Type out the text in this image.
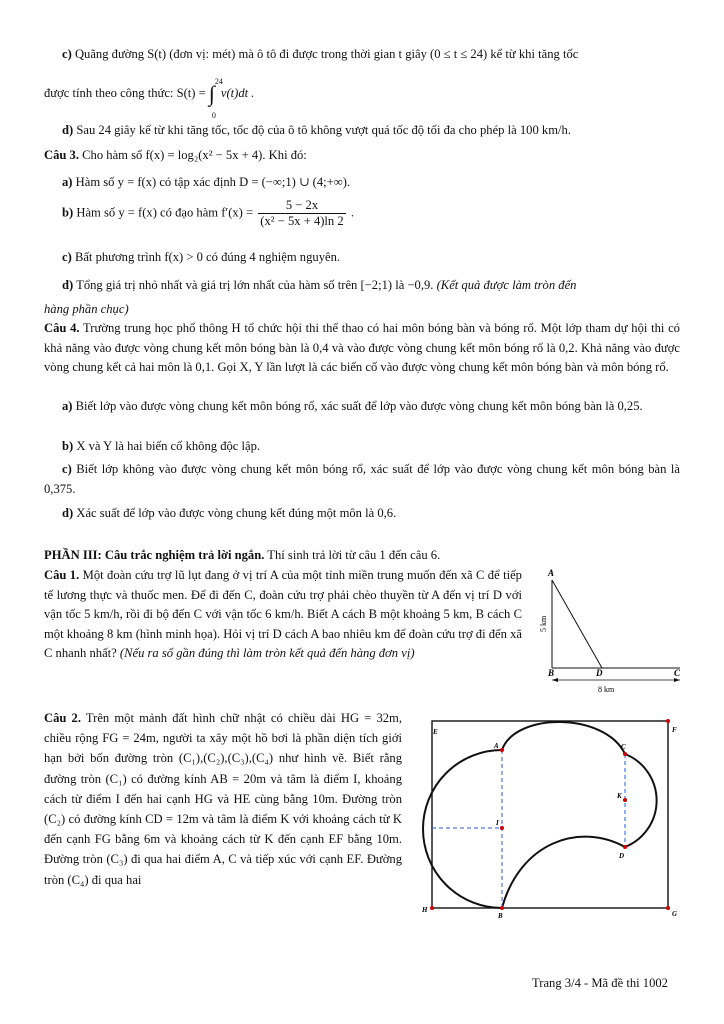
c) Quãng đường S(t) (đơn vị: mét) mà ô tô đi được trong thời gian t giây (0 ≤ t ≤ 24) kể từ khi tăng tốc
được tính theo công thức: S(t) = ∫ 24
0
v(t)dt .
d) Sau 24 giây kể từ khi tăng tốc, tốc độ của ô tô không vượt quá tốc độ tối đa cho phép là 100 km/h.
Câu 3. Cho hàm số f(x) = log₂(x² − 5x + 4). Khi đó:
a) Hàm số y = f(x) có tập xác định D = (−∞;1) ∪ (4;+∞).
b) Hàm số y = f(x) có đạo hàm $f'(x) = \frac{5 - 2x}{\text{(x² − 5x + 4)ln 2}}$ .
c) Bất phương trình f(x) > 0 có đúng 4 nghiệm nguyên.
d) Tổng giá trị nhỏ nhất và giá trị lớn nhất của hàm số trên [−2;1) là −0,9. (Kết quả được làm tròn đến
hàng phần chục)
Câu 4. Trường trung học phổ thông H tổ chức hội thi thể thao có hai môn bóng bàn và bóng rổ. Một lớp tham dự hội thi có khả năng vào được vòng chung kết môn bóng bàn là 0,4 và vào được vòng chung kết môn bóng rổ là 0,2. Khả năng vào được vòng chung kết cả hai môn là 0,1. Gọi X, Y lần lượt là các biến cố vào được vòng chung kết môn bóng bàn và môn bóng rổ.
a) Biết lớp vào được vòng chung kết môn bóng rổ, xác suất để lớp vào được vòng chung kết môn bóng bàn là 0,25.
b) X và Y là hai biến cố không độc lập.
c) Biết lớp không vào được vòng chung kết môn bóng rổ, xác suất để lớp vào được vòng chung kết môn bóng bàn là 0,375.
d) Xác suất để lớp vào được vòng chung kết đúng một môn là 0,6.
PHẦN III: Câu trắc nghiệm trả lời ngắn. Thí sinh trả lời từ câu 1 đến câu 6.
Câu 1. Một đoàn cứu trợ lũ lụt đang ở vị trí A của một tỉnh miền trung muốn đến xã C để tiếp tế lương thực và thuốc men. Để đi đến C, đoàn cứu trợ phải chèo thuyền từ A đến vị trí D với vận tốc 5 km/h, rồi đi bộ đến C với vận tốc 6 km/h. Biết A cách B một khoảng 5 km, B cách C một khoảng 8 km (hình minh họa). Hỏi vị trí D cách A bao nhiêu km để đoàn cứu trợ đi đến xã C nhanh nhất? (Nếu ra số gần đúng thì làm tròn kết quả đến hàng đơn vị)
A
B	D	C
5 km
8 km
Câu 2. Trên một mảnh đất hình chữ nhật có chiều dài HG = 32m, chiều rộng FG = 24m, người ta xây một hồ bơi là phần diện tích giới hạn bởi bốn đường tròn (C₁),(C₂),(C₃),(C₄) như hình vẽ. Biết rằng đường tròn (C₁) có đường kính AB = 20m và tâm là điểm I, khoảng cách từ điểm I đến hai cạnh HG và HE cùng bằng 10m. Đường tròn (C₂) có đường kính CD = 12m và tâm là điểm K với khoảng cách từ K đến cạnh FG bằng 6m và khoảng cách từ K đến cạnh EF bằng 10m. Đường tròn (C₃) đi qua hai điểm A, C và tiếp xúc với cạnh EF. Đường tròn (C₄) đi qua hai
E	F
G
H
A
B
C
D
I
K
Trang 3/4 - Mã đề thi 1002
